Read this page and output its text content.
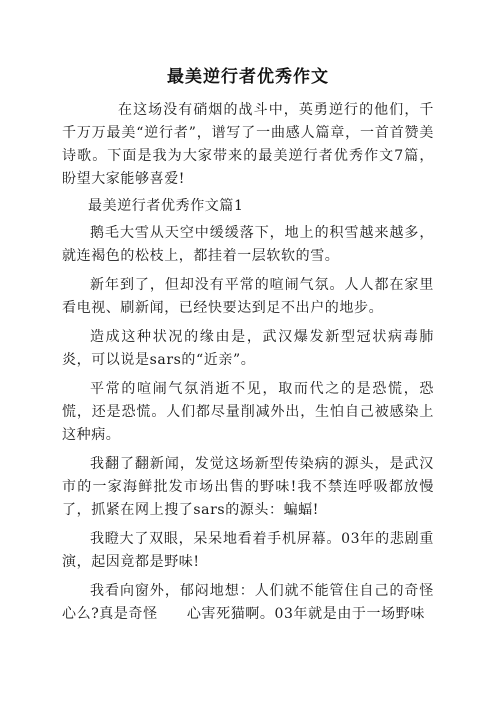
最美逆行者优秀作文

在这场没有硝烟的战斗中，英勇逆行的他们，千千万万最美“逆行者”，谱写了一曲感人篇章，一首首赞美诗歌。下面是我为大家带来的最美逆行者优秀作文7篇，盼望大家能够喜爱!

最美逆行者优秀作文篇1

鹅毛大雪从天空中缓缓落下，地上的积雪越来越多，就连褐色的松枝上，都挂着一层软软的雪。

新年到了，但却没有平常的喧闹气氛。人人都在家里看电视、刷新闻，已经快要达到足不出户的地步。

造成这种状况的缘由是，武汉爆发新型冠状病毒肺炎，可以说是sars的“近亲”。

平常的喧闹气氛消逝不见，取而代之的是恐慌，恐慌，还是恐慌。人们都尽量削减外出，生怕自己被感染上这种病。

我翻了翻新闻，发觉这场新型传染病的源头，是武汉市的一家海鲜批发市场出售的野味!我不禁连呼吸都放慢了，抓紧在网上搜了sars的源头：蝙蝠!

我瞪大了双眼，呆呆地看着手机屏幕。03年的悲剧重演，起因竟都是野味!

我看向窗外，郁闷地想：人们就不能管住自己的奇怪心么?真是奇怪　　心害死猫啊。03年就是由于一场野味
